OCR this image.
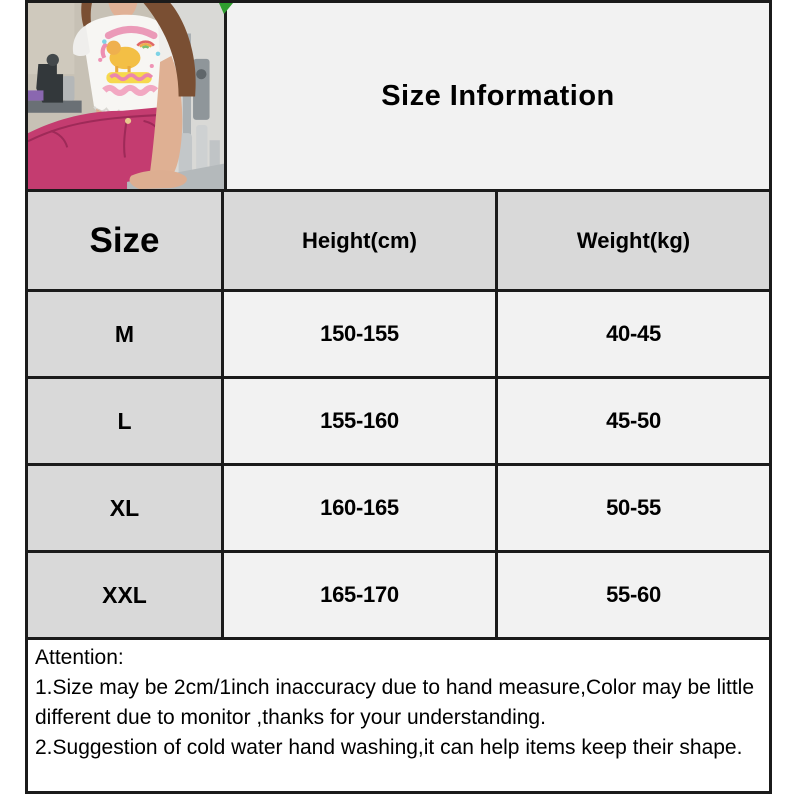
Size Information
Size	Height(cm)	Weight(kg)
M	150-155	40-45
L	155-160	45-50
XL	160-165	50-55
XXL	165-170	55-60

Attention:

1.Size may be 2cm/1inch inaccuracy due to hand measure,Color may be little different due to monitor ,thanks for your understanding.

2.Suggestion of cold water hand washing,it can help items keep their shape.
